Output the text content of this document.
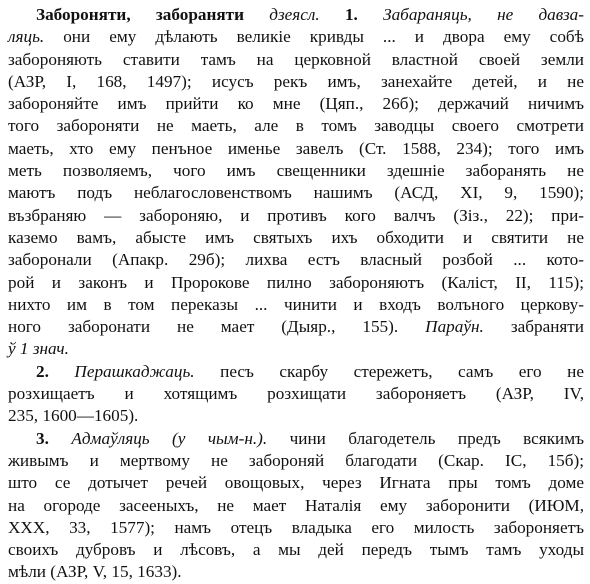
Забороняти, забораняти дзеясл. 1. Забараняць, не давза-
ляць. они ему дѣлають великіе кривды ... и двора ему собѣ
забороняють ставити тамъ на церковной властной своей земли
(АЗР, I, 168, 1497); исусъ рекъ имъ, занехайте детей, и не
забороняйте имъ прийти ко мне (Цяп., 26б); держачий ничимъ
того забороняти не маеть, але в томъ заводцы своего смотрети
маеть, хто ему пенъное именье завелъ (Ст. 1588, 234); того имъ
меть позволяемъ, чого имъ свещенники здешніе заборанять не
маютъ подъ неблагословенствомъ нашимъ (АСД, XI, 9, 1590);
възбраняю — забороняю, и противъ кого валчъ (Зіз., 22); при-
каземо вамъ, абысте имъ святыхъ ихъ обходити и святити не
заборонали (Апакр. 29б); лихва естъ власный розбой ... кото-
рой и законъ и Пророкове пилно забороняютъ (Каліст, II, 115);
нихто им в том переказы ... чинити и входъ волъного церкову-
ного заборонати не мает (Дыяр., 155). Параўн. забраняти
ў 1 знач.
2. Перашкаджаць. песъ скарбу стережетъ, самъ его не
розхищаетъ и хотящимъ розхищати забороняетъ (АЗР, IV,
235, 1600—1605).
3. Адмаўляць (у чым-н.). чини благодетель предъ всякимъ
живымъ и мертвому не забороняй благодати (Скар. ІС, 15б);
што се дотычет речей овощовых, через Игната пры томъ доме
на огороде засееныхъ, не мает Наталія ему заборонити (ИЮМ,
XXX, 33, 1577); намъ отецъ владыка его милость забороняетъ
своихъ дубровъ и лѣсовъ, а мы дей передъ тымъ тамъ уходы
мѣли (АЗР, V, 15, 1633).
